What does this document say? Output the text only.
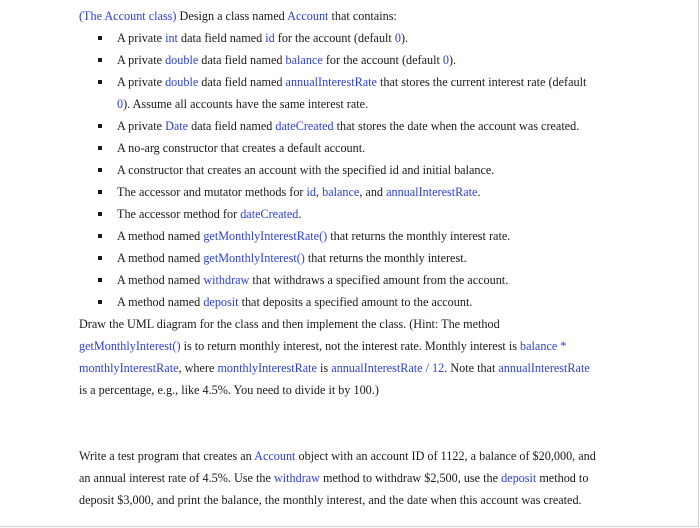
(The Account class) Design a class named Account that contains:
A private int data field named id for the account (default 0).
A private double data field named balance for the account (default 0).
A private double data field named annualInterestRate that stores the current interest rate (default
0). Assume all accounts have the same interest rate.
A private Date data field named dateCreated that stores the date when the account was created.
A no-arg constructor that creates a default account.
A constructor that creates an account with the specified id and initial balance.
The accessor and mutator methods for id, balance, and annualInterestRate.
The accessor method for dateCreated.
A method named getMonthlyInterestRate() that returns the monthly interest rate.
A method named getMonthlyInterest() that returns the monthly interest.
A method named withdraw that withdraws a specified amount from the account.
A method named deposit that deposits a specified amount to the account.
Draw the UML diagram for the class and then implement the class. (Hint: The method
getMonthlyInterest() is to return monthly interest, not the interest rate. Monthly interest is balance *
monthlyInterestRate, where monthlyInterestRate is annualInterestRate / 12. Note that annualInterestRate
is a percentage, e.g., like 4.5%. You need to divide it by 100.)
Write a test program that creates an Account object with an account ID of 1122, a balance of $20,000, and
an annual interest rate of 4.5%. Use the withdraw method to withdraw $2,500, use the deposit method to
deposit $3,000, and print the balance, the monthly interest, and the date when this account was created.
